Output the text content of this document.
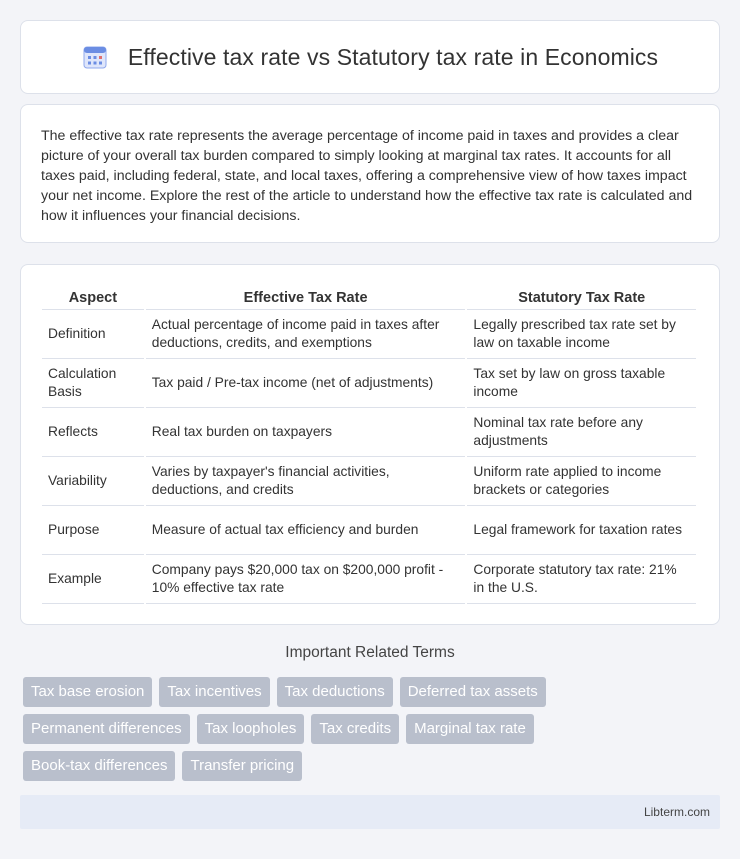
Effective tax rate vs Statutory tax rate in Economics

The effective tax rate represents the average percentage of income paid in taxes and provides a clear picture of your overall tax burden compared to simply looking at marginal tax rates. It accounts for all taxes paid, including federal, state, and local taxes, offering a comprehensive view of how taxes impact your net income. Explore the rest of the article to understand how the effective tax rate is calculated and how it influences your financial decisions.

Aspect	Effective Tax Rate	Statutory Tax Rate
Definition	Actual percentage of income paid in taxes after deductions, credits, and exemptions	Legally prescribed tax rate set by law on taxable income
Calculation Basis	Tax paid / Pre-tax income (net of adjustments)	Tax set by law on gross taxable income
Reflects	Real tax burden on taxpayers	Nominal tax rate before any adjustments
Variability	Varies by taxpayer's financial activities, deductions, and credits	Uniform rate applied to income brackets or categories
Purpose	Measure of actual tax efficiency and burden	Legal framework for taxation rates
Example	Company pays $20,000 tax on $200,000 profit - 10% effective tax rate	Corporate statutory tax rate: 21% in the U.S.
Important Related Terms
Tax base erosion	Tax incentives	Tax deductions	Deferred tax assets
Permanent differences	Tax loopholes	Tax credits	Marginal tax rate
Book-tax differences	Transfer pricing
Libterm.com
